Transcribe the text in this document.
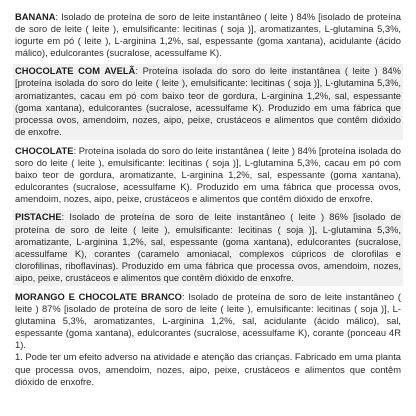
BANANA: Isolado de proteína de soro de leite instantâneo ( leite ) 84% [isolado de proteína de soro de leite ( leite ), emulsificante: lecitinas ( soja )], aromatizantes, L-glutamina 5,3%, iogurte em pó ( leite ), L-arginina 1,2%, sal, espessante (goma xantana), acidulante (ácido málico), edulcorantes (sucralose, acessulfame K).

CHOCOLATE COM AVELÃ: Proteína isolada do soro do leite instantânea ( leite ) 84% [proteína isolada do soro do leite ( leite ), emulsificante: lecitinas ( soja )], L-glutamina 5,3%, aromatizantes, cacau em pó com baixo teor de gordura, L-arginina 1,2%, sal, espessante (goma xantana), edulcorantes (sucralose, acessulfame K). Produzido em uma fábrica que processa ovos, amendoim, nozes, aipo, peixe, crustáceos e alimentos que contêm dióxido de enxofre.

CHOCOLATE: Proteína isolada do soro do leite instantânea ( leite ) 84% [proteína isolada do soro do leite ( leite ), emulsificante: lecitinas ( soja )], L-glutamina 5,3%, cacau em pó com baixo teor de gordura, aromatizante, L-arginina 1,2%, sal, espessante (goma xantana), edulcorantes (sucralose, acessulfame K). Produzido em uma fábrica que processa ovos, amendoim, nozes, aipo, peixe, crustáceos e alimentos que contêm dióxido de enxofre.

PISTACHE: Isolado de proteína de soro de leite instantâneo ( leite ) 86% [isolado de proteína de soro de leite ( leite ), emulsificante: lecitinas ( soja )], L-glutamina 5,3%, aromatizante, L-arginina 1,2%, sal, espessante (goma xantana), edulcorantes (sucralose, acessulfame K), corantes (caramelo amoniacal, complexos cúpricos de clorofilas e clorofilinas, riboflavinas). Produzido em uma fábrica que processa ovos, amendoim, nozes, aipo, peixe, crustáceos e alimentos que contêm dióxido de enxofre.

MORANGO E CHOCOLATE BRANCO: Isolado de proteína de soro de leite instantâneo ( leite ) 87% [isolado de proteína de soro de leite ( leite ), emulsificante: lecitinas ( soja )], L-glutamina 5,3%, aromatizantes, L-arginina 1,2%, sal, acidulante (ácido málico), sal, espessante (goma xantana), edulcorantes (sucralose, acessulfame K), corante (ponceau 4R 1).

1. Pode ter um efeito adverso na atividade e atenção das crianças. Fabricado em uma planta que processa ovos, amendoim, nozes, aipo, peixe, crustáceos e alimentos que contêm dióxido de enxofre.
